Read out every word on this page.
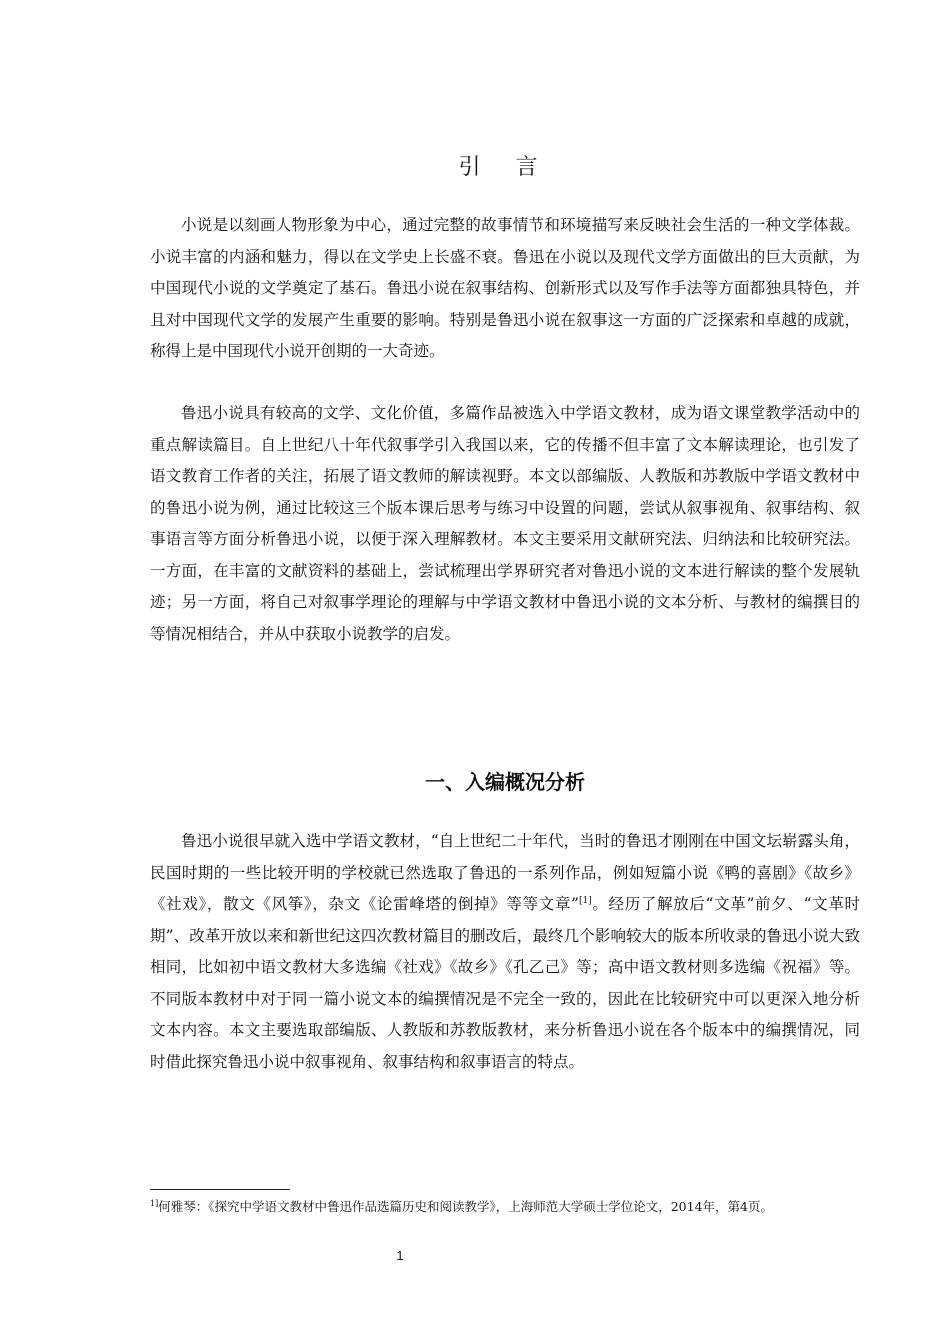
引 言

小说是以刻画人物形象为中心，通过完整的故事情节和环境描写来反映社会生活的一种文学体裁。小说丰富的内涵和魅力，得以在文学史上长盛不衰。鲁迅在小说以及现代文学方面做出的巨大贡献，为中国现代小说的文学奠定了基石。鲁迅小说在叙事结构、创新形式以及写作手法等方面都独具特色，并且对中国现代文学的发展产生重要的影响。特别是鲁迅小说在叙事这一方面的广泛探索和卓越的成就，称得上是中国现代小说开创期的一大奇迹。

鲁迅小说具有较高的文学、文化价值，多篇作品被选入中学语文教材，成为语文课堂教学活动中的重点解读篇目。自上世纪八十年代叙事学引入我国以来，它的传播不但丰富了文本解读理论，也引发了语文教育工作者的关注，拓展了语文教师的解读视野。本文以部编版、人教版和苏教版中学语文教材中的鲁迅小说为例，通过比较这三个版本课后思考与练习中设置的问题，尝试从叙事视角、叙事结构、叙事语言等方面分析鲁迅小说，以便于深入理解教材。本文主要采用文献研究法、归纳法和比较研究法。一方面，在丰富的文献资料的基础上，尝试梳理出学界研究者对鲁迅小说的文本进行解读的整个发展轨迹；另一方面，将自己对叙事学理论的理解与中学语文教材中鲁迅小说的文本分析、与教材的编撰目的等情况相结合，并从中获取小说教学的启发。

一、入编概况分析

鲁迅小说很早就入选中学语文教材，“自上世纪二十年代，当时的鲁迅才刚刚在中国文坛崭露头角，民国时期的一些比较开明的学校就已然选取了鲁迅的一系列作品，例如短篇小说《鸭的喜剧》《故乡》《社戏》，散文《风筝》，杂文《论雷峰塔的倒掉》等等文章”[1]。经历了解放后“文革”前夕、“文革时期”、改革开放以来和新世纪这四次教材篇目的删改后，最终几个影响较大的版本所收录的鲁迅小说大致相同，比如初中语文教材大多选编《社戏》《故乡》《孔乙己》等；高中语文教材则多选编《祝福》等。不同版本教材中对于同一篇小说文本的编撰情况是不完全一致的，因此在比较研究中可以更深入地分析文本内容。本文主要选取部编版、人教版和苏教版教材，来分析鲁迅小说在各个版本中的编撰情况，同时借此探究鲁迅小说中叙事视角、叙事结构和叙事语言的特点。

$^{1]}$何雅琴：《探究中学语文教材中鲁迅作品选篇历史和阅读教学》，上海师范大学硕士学位论文，2014年，第4页。

1
